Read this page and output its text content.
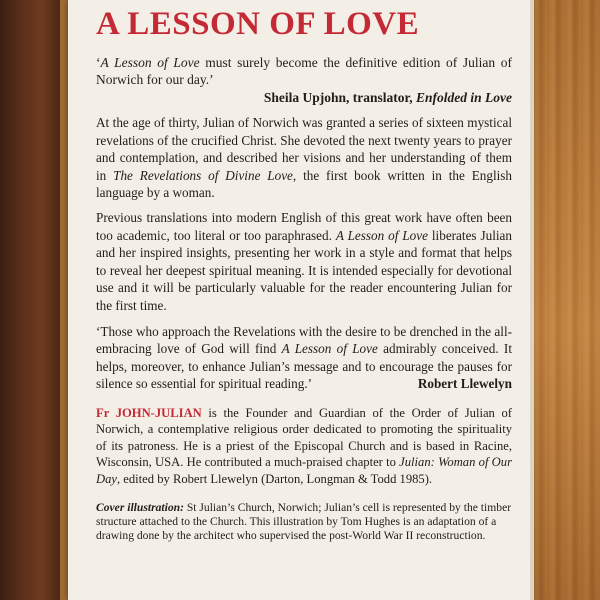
A LESSON OF LOVE

‘A Lesson of Love must surely become the definitive edition of Julian of Norwich for our day.’

Sheila Upjohn, translator, Enfolded in Love

At the age of thirty, Julian of Norwich was granted a series of sixteen mystical revelations of the crucified Christ. She devoted the next twenty years to prayer and contemplation, and described her visions and her understanding of them in The Revelations of Divine Love, the first book written in the English language by a woman.

Previous translations into modern English of this great work have often been too academic, too literal or too paraphrased. A Lesson of Love liberates Julian and her inspired insights, presenting her work in a style and format that helps to reveal her deepest spiritual meaning. It is intended especially for devotional use and it will be particularly valuable for the reader encountering Julian for the first time.

‘Those who approach the Revelations with the desire to be drenched in the all-embracing love of God will find A Lesson of Love admirably conceived. It helps, moreover, to enhance Julian’s message and to encourage the pauses for silence so essential for spiritual reading.’	Robert Llewelyn

Fr JOHN-JULIAN is the Founder and Guardian of the Order of Julian of Norwich, a contemplative religious order dedicated to promoting the spirituality of its patroness. He is a priest of the Episcopal Church and is based in Racine, Wisconsin, USA. He contributed a much-praised chapter to Julian: Woman of Our Day, edited by Robert Llewelyn (Darton, Longman & Todd 1985).

Cover illustration: St Julian’s Church, Norwich; Julian’s cell is represented by the timber structure attached to the Church. This illustration by Tom Hughes is an adaptation of a drawing done by the architect who supervised the post-World War II reconstruction.
